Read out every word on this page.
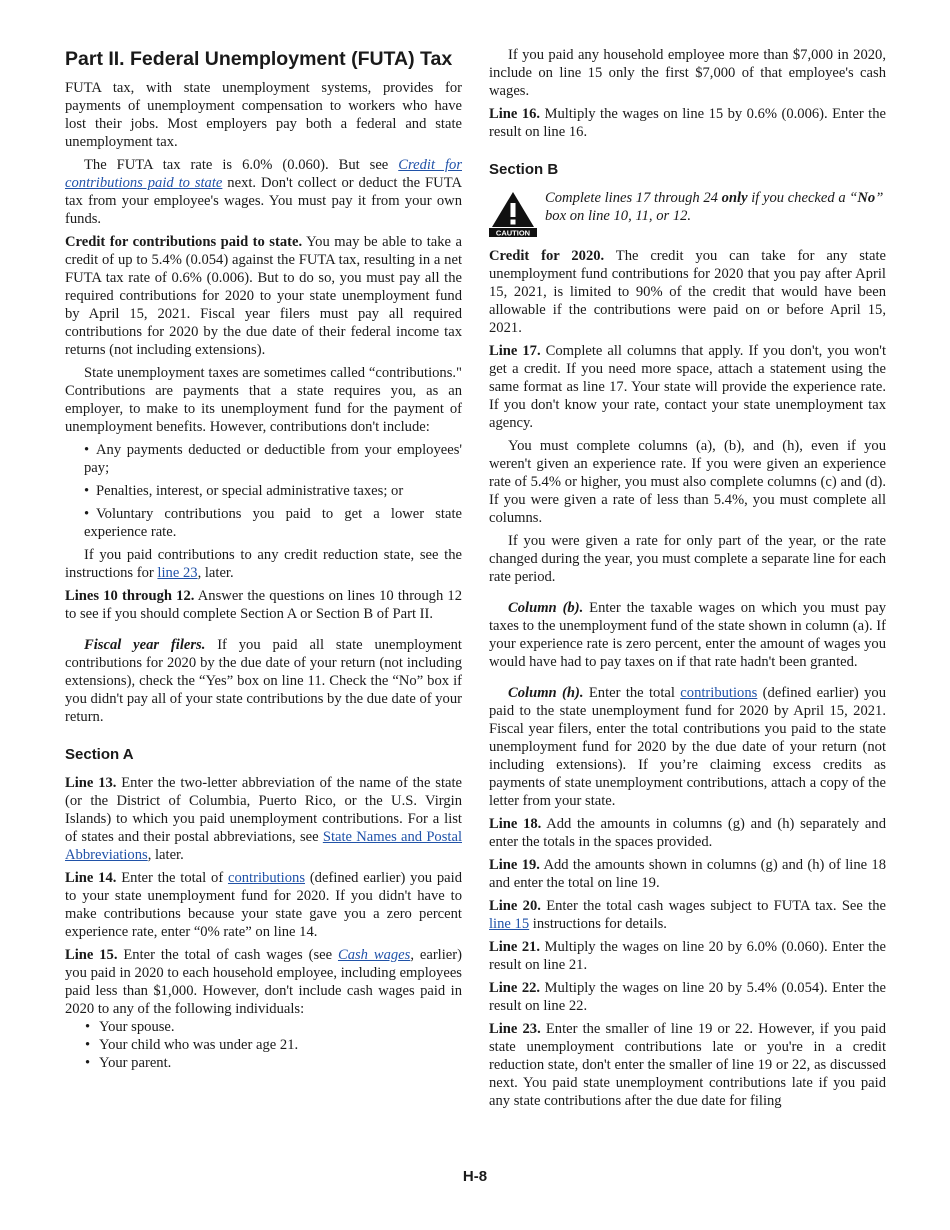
Part II. Federal Unemployment (FUTA) Tax

FUTA tax, with state unemployment systems, provides for payments of unemployment compensation to workers who have lost their jobs. Most employers pay both a federal and state unemployment tax.

The FUTA tax rate is 6.0% (0.060). But see Credit for contributions paid to state next. Don't collect or deduct the FUTA tax from your employee's wages. You must pay it from your own funds.

Credit for contributions paid to state. You may be able to take a credit of up to 5.4% (0.054) against the FUTA tax, resulting in a net FUTA tax rate of 0.6% (0.006). But to do so, you must pay all the required contributions for 2020 to your state unemployment fund by April 15, 2021. Fiscal year filers must pay all required contributions for 2020 by the due date of their federal income tax returns (not including extensions).

State unemployment taxes are sometimes called “contributions." Contributions are payments that a state requires you, as an employer, to make to its unemployment fund for the payment of unemployment benefits. However, contributions don't include:

• Any payments deducted or deductible from your employees' pay;

• Penalties, interest, or special administrative taxes; or

• Voluntary contributions you paid to get a lower state experience rate.

If you paid contributions to any credit reduction state, see the instructions for line 23, later.

Lines 10 through 12. Answer the questions on lines 10 through 12 to see if you should complete Section A or Section B of Part II.

Fiscal year filers. If you paid all state unemployment contributions for 2020 by the due date of your return (not including extensions), check the “Yes” box on line 11. Check the “No” box if you didn't pay all of your state contributions by the due date of your return.

Section A

Line 13. Enter the two-letter abbreviation of the name of the state (or the District of Columbia, Puerto Rico, or the U.S. Virgin Islands) to which you paid unemployment contributions. For a list of states and their postal abbreviations, see State Names and Postal Abbreviations, later.

Line 14. Enter the total of contributions (defined earlier) you paid to your state unemployment fund for 2020. If you didn't have to make contributions because your state gave you a zero percent experience rate, enter “0% rate” on line 14.

Line 15. Enter the total of cash wages (see Cash wages, earlier) you paid in 2020 to each household employee, including employees paid less than $1,000. However, don't include cash wages paid in 2020 to any of the following individuals:

• Your spouse.
• Your child who was under age 21.
• Your parent.

If you paid any household employee more than $7,000 in 2020, include on line 15 only the first $7,000 of that employee's cash wages.

Line 16. Multiply the wages on line 15 by 0.6% (0.006). Enter the result on line 16.

Section B
CAUTION
Complete lines 17 through 24 only if you checked a “No” box on line 10, 11, or 12.

Credit for 2020. The credit you can take for any state unemployment fund contributions for 2020 that you pay after April 15, 2021, is limited to 90% of the credit that would have been allowable if the contributions were paid on or before April 15, 2021.

Line 17. Complete all columns that apply. If you don't, you won't get a credit. If you need more space, attach a statement using the same format as line 17. Your state will provide the experience rate. If you don't know your rate, contact your state unemployment tax agency.

You must complete columns (a), (b), and (h), even if you weren't given an experience rate. If you were given an experience rate of 5.4% or higher, you must also complete columns (c) and (d). If you were given a rate of less than 5.4%, you must complete all columns.

If you were given a rate for only part of the year, or the rate changed during the year, you must complete a separate line for each rate period.

Column (b). Enter the taxable wages on which you must pay taxes to the unemployment fund of the state shown in column (a). If your experience rate is zero percent, enter the amount of wages you would have had to pay taxes on if that rate hadn't been granted.

Column (h). Enter the total contributions (defined earlier) you paid to the state unemployment fund for 2020 by April 15, 2021. Fiscal year filers, enter the total contributions you paid to the state unemployment fund for 2020 by the due date of your return (not including extensions). If you’re claiming excess credits as payments of state unemployment contributions, attach a copy of the letter from your state.

Line 18. Add the amounts in columns (g) and (h) separately and enter the totals in the spaces provided.

Line 19. Add the amounts shown in columns (g) and (h) of line 18 and enter the total on line 19.

Line 20. Enter the total cash wages subject to FUTA tax. See the line 15 instructions for details.

Line 21. Multiply the wages on line 20 by 6.0% (0.060). Enter the result on line 21.

Line 22. Multiply the wages on line 20 by 5.4% (0.054). Enter the result on line 22.

Line 23. Enter the smaller of line 19 or 22. However, if you paid state unemployment contributions late or you're in a credit reduction state, don't enter the smaller of line 19 or 22, as discussed next. You paid state unemployment contributions late if you paid any state contributions after the due date for filing

H-8
